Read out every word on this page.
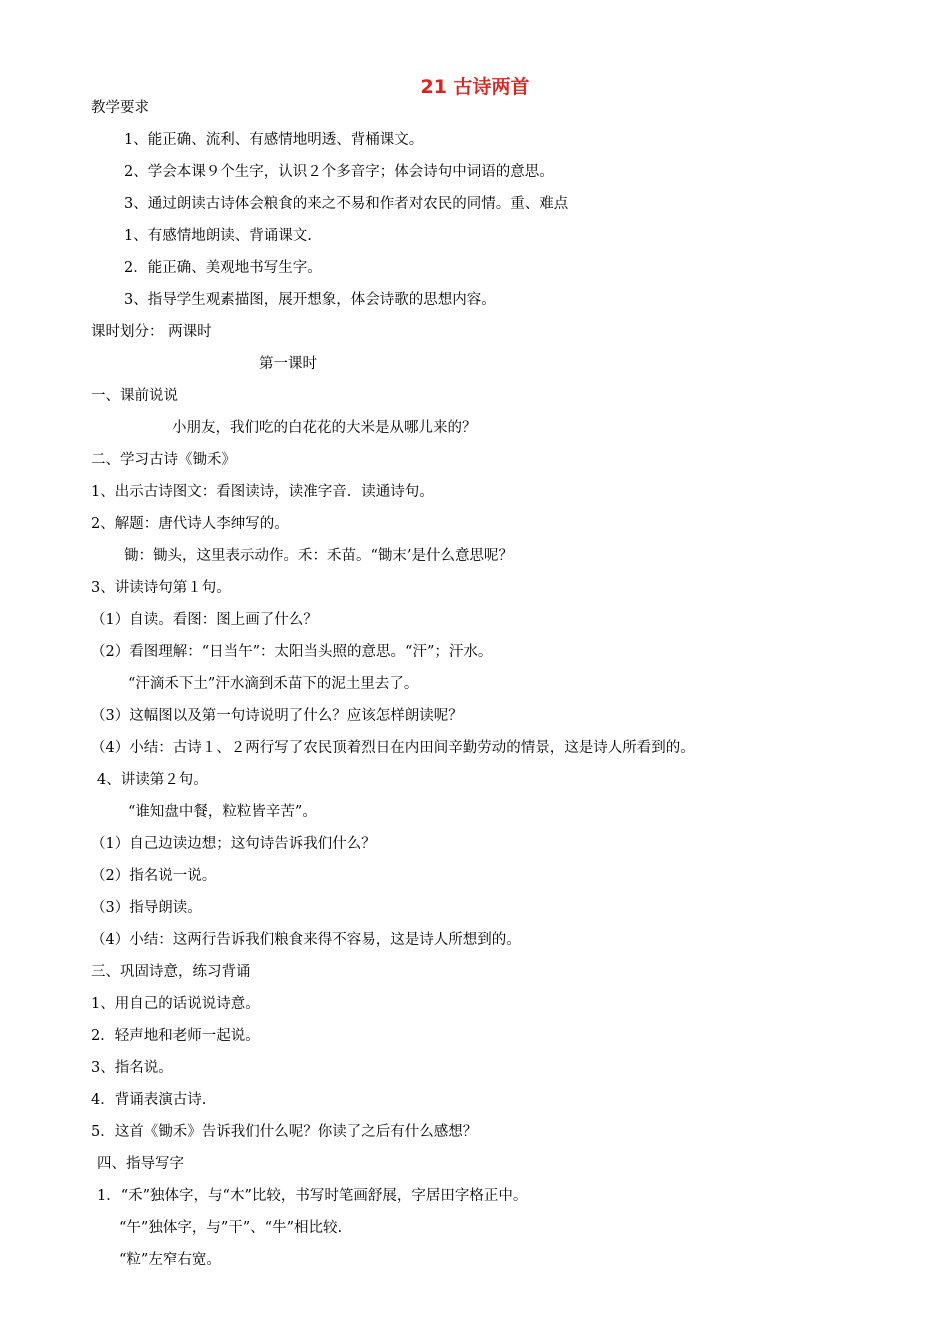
21 古诗两首
教学要求
1、能正确、流利、有感情地明透、背桶课文。
2、学会本课９个生字，认识２个多音字；体会诗句中词语的意思。
3、通过朗读古诗体会粮食的来之不易和作者对农民的同情。重、难点
1、有感情地朗读、背诵课文.
2．能正确、美观地书写生字。
3、指导学生观素描图，展开想象，体会诗歌的思想内容。
课时划分： 两课时
第一课时
一、课前说说
小朋友，我们吃的白花花的大米是从哪儿来的？
二、学习古诗《锄禾》
1、出示古诗图文：看图读诗，读准字音．读通诗句。
2、解题：唐代诗人李绅写的。
锄：锄头，这里表示动作。禾：禾苗。“锄末’是什么意思呢？
3、讲读诗句第１句。
（1）自读。看图：图上画了什么？
（2）看图理解：“日当午”：太阳当头照的意思。“汗”；汗水。
“汗滴禾下土”汗水滴到禾苗下的泥土里去了。
（3）这幅图以及第一句诗说明了什么？应该怎样朗读呢？
（4）小结：古诗１、２两行写了农民顶着烈日在内田间辛勤劳动的情景，这是诗人所看到的。
4、讲读第２句。
“谁知盘中餐，粒粒皆辛苦”。
（1）自己边读边想；这句诗告诉我们什么？
（2）指名说一说。
（3）指导朗读。
（4）小结：这两行告诉我们粮食来得不容易，这是诗人所想到的。
三、巩固诗意，练习背诵
1、用自己的话说说诗意。
2．轻声地和老师一起说。
3、指名说。
4．背诵表演古诗.
5．这首《锄禾》告诉我们什么呢？你读了之后有什么感想？
四、指导写字
1．“禾”独体字，与“木”比较，书写时笔画舒展，字居田字格正中。
“午”独体字，与”干”、“牛”相比较.
“粒”左窄右宽。
